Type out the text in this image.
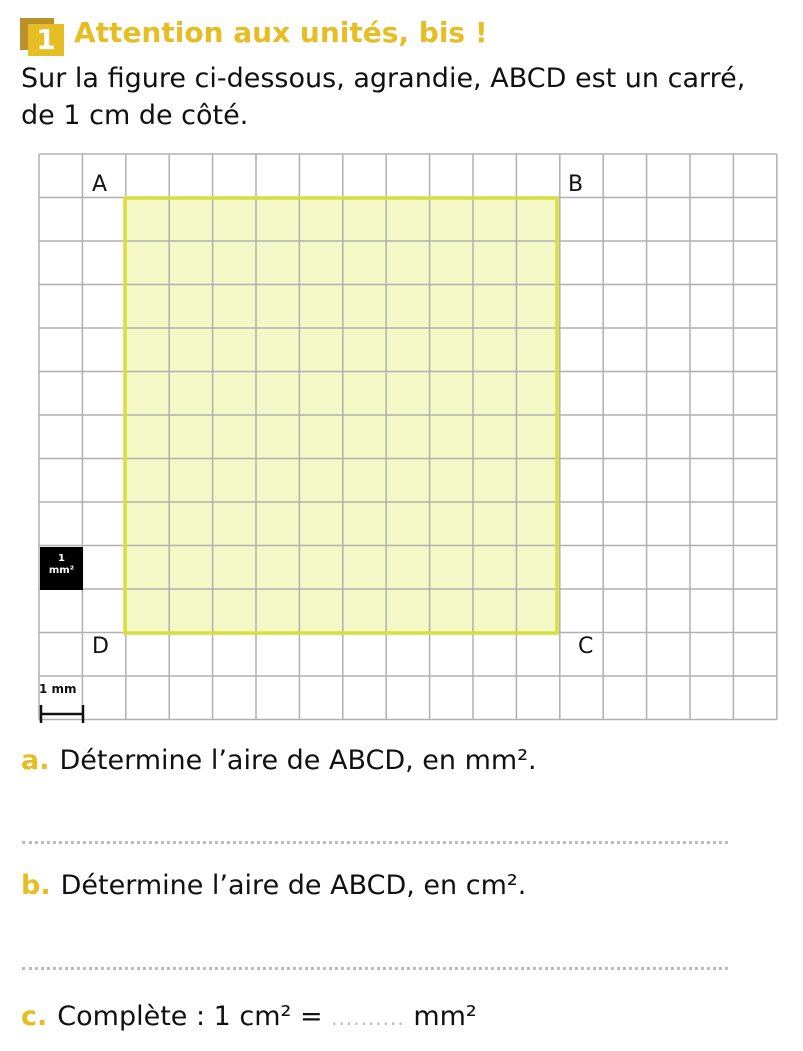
1 Attention aux unités, bis !
Sur la figure ci-dessous, agrandie, ABCD est un carré, de 1 cm de côté.
A	B
C
D
1
mm²
1 mm
a. Détermine l’aire de ABCD, en mm².
b. Détermine l’aire de ABCD, en cm².
c. Complète : 1 cm² = .......... mm²
